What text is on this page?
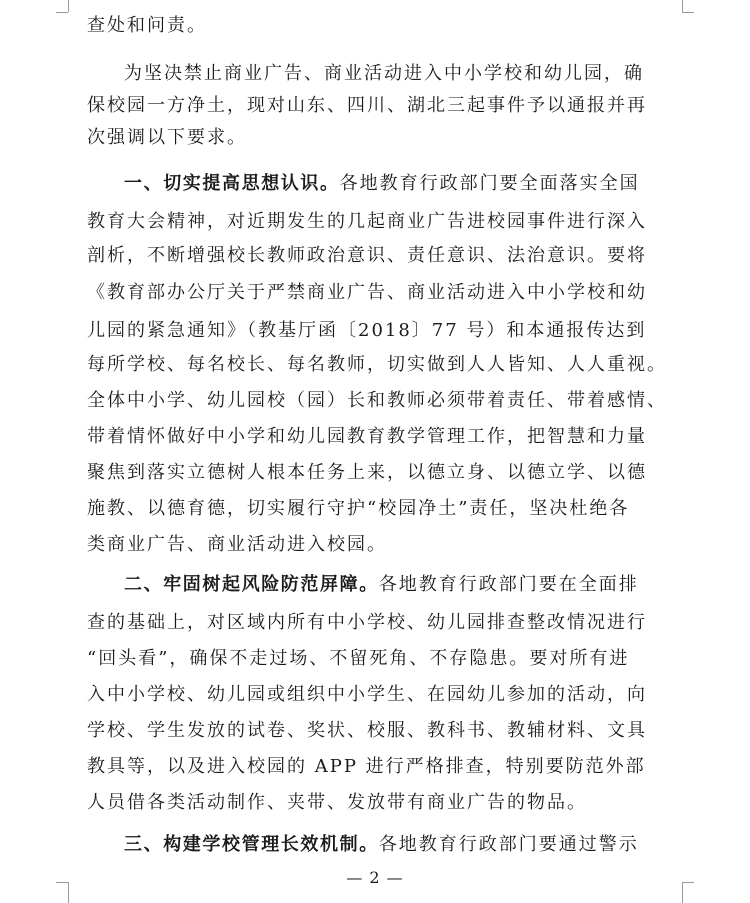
查处和问责。
为坚决禁止商业广告、商业活动进入中小学校和幼儿园，确
保校园一方净土，现对山东、四川、湖北三起事件予以通报并再
次强调以下要求。
一、切实提高思想认识。各地教育行政部门要全面落实全国
教育大会精神，对近期发生的几起商业广告进校园事件进行深入
剖析，不断增强校长教师政治意识、责任意识、法治意识。要将
《教育部办公厅关于严禁商业广告、商业活动进入中小学校和幼
儿园的紧急通知》（教基厅函〔2018〕77 号）和本通报传达到
每所学校、每名校长、每名教师，切实做到人人皆知、人人重视。
全体中小学、幼儿园校（园）长和教师必须带着责任、带着感情、
带着情怀做好中小学和幼儿园教育教学管理工作，把智慧和力量
聚焦到落实立德树人根本任务上来，以德立身、以德立学、以德
施教、以德育德，切实履行守护“校园净土”责任，坚决杜绝各
类商业广告、商业活动进入校园。
二、牢固树起风险防范屏障。各地教育行政部门要在全面排
查的基础上，对区域内所有中小学校、幼儿园排查整改情况进行
“回头看”，确保不走过场、不留死角、不存隐患。要对所有进
入中小学校、幼儿园或组织中小学生、在园幼儿参加的活动，向
学校、学生发放的试卷、奖状、校服、教科书、教辅材料、文具
教具等，以及进入校园的 APP 进行严格排查，特别要防范外部
人员借各类活动制作、夹带、发放带有商业广告的物品。
三、构建学校管理长效机制。各地教育行政部门要通过警示
— 2 —
